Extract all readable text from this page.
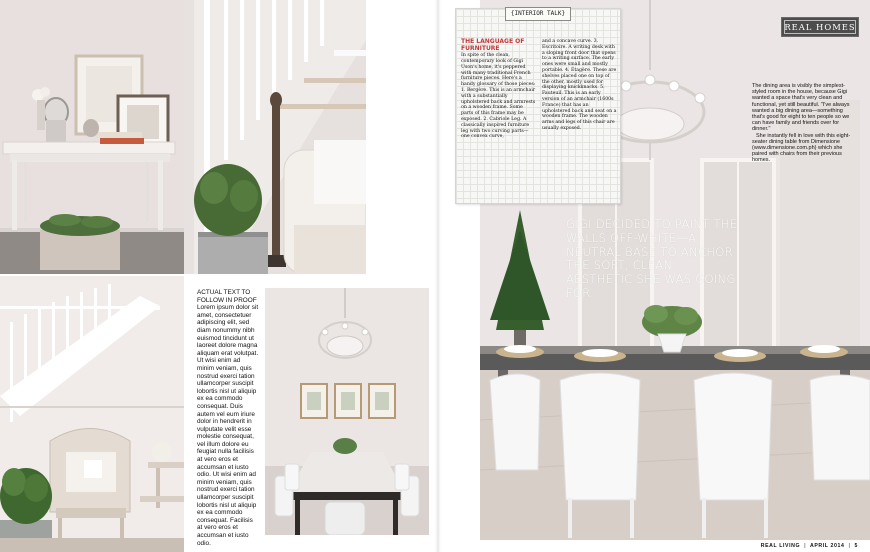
ACTUAL TEXT TO FOLLOW IN PROOF
Lorem ipsum dolor sit amet, consectetuer adipiscing elit, sed diam nonummy nibh euismod tincidunt ut laoreet dolore magna aliquam erat volutpat. Ut wisi enim ad minim veniam, quis nostrud exerci tation ullamcorper suscipit lobortis nisl ut aliquip ex ea commodo consequat. Duis autem vel eum iriure dolor in hendrerit in vulputate velit esse molestie consequat, vel illum dolore eu feugiat nulla facilisis at vero eros et accumsan et iusto odio. Ut wisi enim ad minim veniam, quis nostrud exerci tation ullamcorper suscipit lobortis nisl ut aliquip ex ea commodo consequat. Facilisis at vero eros et accumsan et iusto odio.
{INTERIOR TALK}
THE LANGUAGE OF FURNITURE
In spite of the clean, contemporary look of Gigi Uson's home, it's peppered with many traditional French furniture pieces. Here's a handy glossary of those pieces: 1. Bergère. This is an armchair with a substantially upholstered back and armrests on a wooden frame. Some parts of this frame may be exposed. 2. Cabriole Leg. A classically inspired furniture leg with two curving parts—one convex curve,
and a concave curve. 3. Escritoire. A writing desk with a sloping front door that opens to a writing surface. The early ones were small and mostly portable. 4. Étagère. These are shelves placed one on top of the other, mostly used for displaying knickknacks. 5. Fauteuil. This is an early version of an armchair (1600s France) that has an upholstered back and seat on a wooden frame. The wooden arms and legs of this chair are usually exposed.
REAL HOMES

The dining area is visibly the simplest-styled room in the house, because Gigi wanted a space that's very clean and functional, yet still beautiful. "I've always wanted a big dining area—something that's good for eight to ten people so we can have family and friends over for dinner."

She instantly fell in love with this eight-seater dining table from Dimensione (www.dimensione.com.ph) which she paired with chairs from their previous homes.

GIGI DECIDED TO PAINT THE WALLS OFF-WHITE—A NEUTRAL BASE TO ANCHOR THE SOFT, CLEAN AESTHETIC SHE WAS GOING FOR.
REAL LIVING | APRIL 2014 | 5
